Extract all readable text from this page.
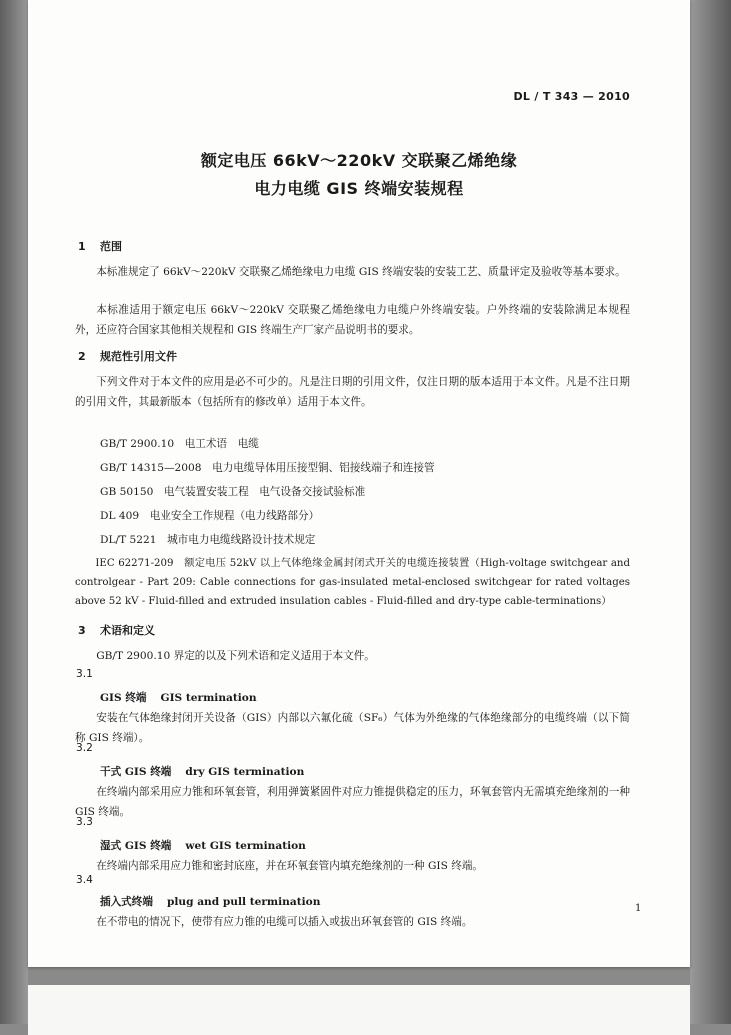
DL / T 343 — 2010
额定电压 66kV～220kV 交联聚乙烯绝缘
电力电缆 GIS 终端安装规程
1 范围
本标准规定了 66kV～220kV 交联聚乙烯绝缘电力电缆 GIS 终端安装的安装工艺、质量评定及验收等基本要求。
本标准适用于额定电压 66kV～220kV 交联聚乙烯绝缘电力电缆户外终端安装。户外终端的安装除满足本规程外，还应符合国家其他相关规程和 GIS 终端生产厂家产品说明书的要求。
2 规范性引用文件
下列文件对于本文件的应用是必不可少的。凡是注日期的引用文件，仅注日期的版本适用于本文件。凡是不注日期的引用文件，其最新版本（包括所有的修改单）适用于本文件。
GB/T 2900.10　 电工术语　电缆
GB/T 14315—2008　 电力电缆导体用压接型铜、铝接线端子和连接管
GB 50150　 电气装置安装工程　电气设备交接试验标准
DL 409　 电业安全工作规程（电力线路部分）
DL/T 5221　 城市电力电缆线路设计技术规定
IEC 62271-209　额定电压 52kV 以上气体绝缘金属封闭式开关的电缆连接装置（High-voltage switchgear and controlgear - Part 209: Cable connections for gas-insulated metal-enclosed switchgear for rated voltages above 52 kV - Fluid-filled and extruded insulation cables - Fluid-filled and dry-type cable-terminations）
3 术语和定义
GB/T 2900.10 界定的以及下列术语和定义适用于本文件。
3.1
GIS 终端 GIS termination
安装在气体绝缘封闭开关设备（GIS）内部以六氟化硫（SF₆）气体为外绝缘的气体绝缘部分的电缆终端（以下简称 GIS 终端）。
3.2
干式 GIS 终端 dry GIS termination
在终端内部采用应力锥和环氧套管，利用弹簧紧固件对应力锥提供稳定的压力，环氧套管内无需填充绝缘剂的一种 GIS 终端。
3.3
湿式 GIS 终端 wet GIS termination
在终端内部采用应力锥和密封底座，并在环氧套管内填充绝缘剂的一种 GIS 终端。
3.4
插入式终端 plug and pull termination
在不带电的情况下，使带有应力锥的电缆可以插入或拔出环氧套管的 GIS 终端。
1
